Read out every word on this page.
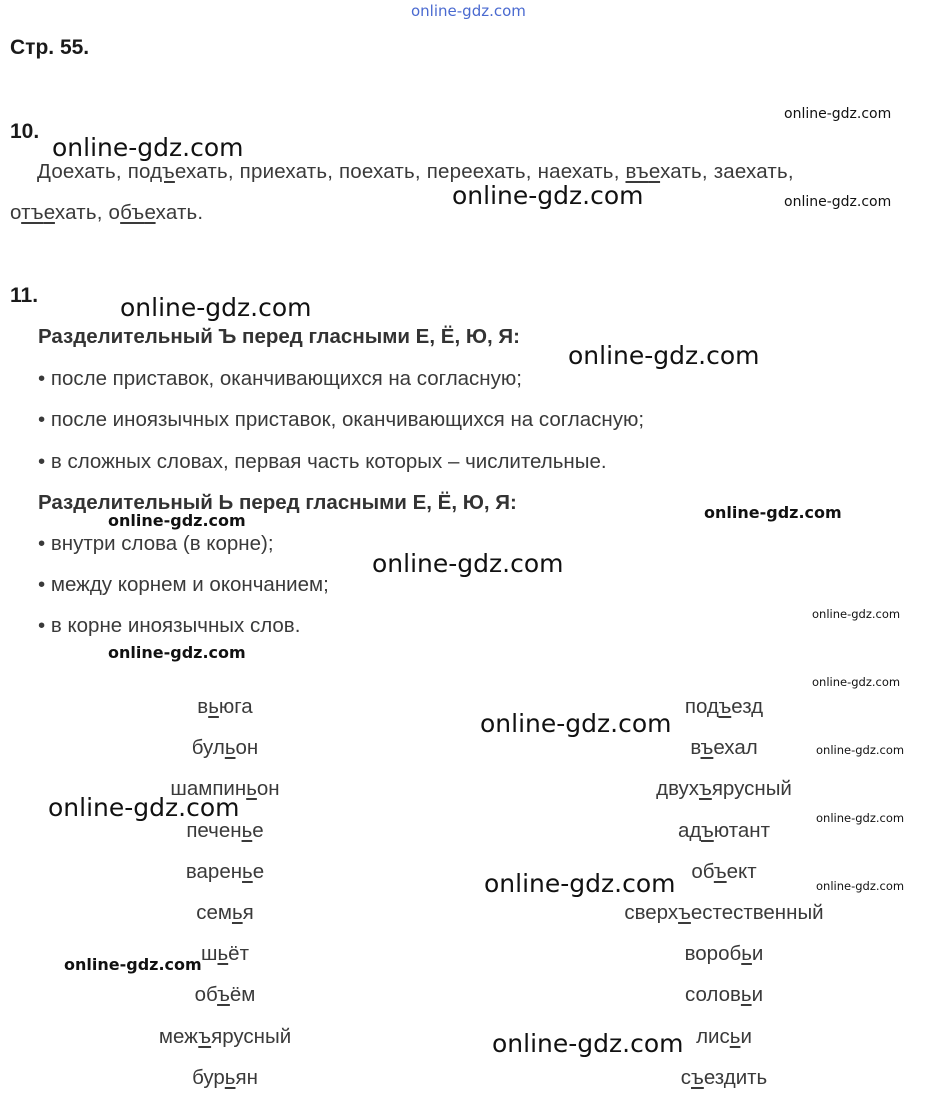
online-gdz.com
Стр. 55.
10.
Доехать, подъехать, приехать, поехать, переехать, наехать, въехать, заехать,
отъехать, объехать.
11.
Разделительный Ъ перед гласными Е, Ё, Ю, Я:
• после приставок, оканчивающихся на согласную;
• после иноязычных приставок, оканчивающихся на согласную;
• в сложных словах, первая часть которых – числительные.
Разделительный Ь перед гласными Е, Ё, Ю, Я:
• внутри слова (в корне);
• между корнем и окончанием;
• в корне иноязычных слов.
вьюга
бульон
шампиньон
печенье
варенье
семья
шьёт
объём
межъярусный
бурьян
подъезд
въехал
двухъярусный
адъютант
объект
сверхъестественный
воробьи
соловьи
лисьи
съездить
online-gdz.com
online-gdz.com
online-gdz.com	online-gdz.com
online-gdz.com
online-gdz.com
online-gdz.com	online-gdz.com
online-gdz.com
online-gdz.com
online-gdz.com
online-gdz.com
online-gdz.com
online-gdz.com
online-gdz.com	online-gdz.com
online-gdz.com	online-gdz.com
online-gdz.com
online-gdz.com
